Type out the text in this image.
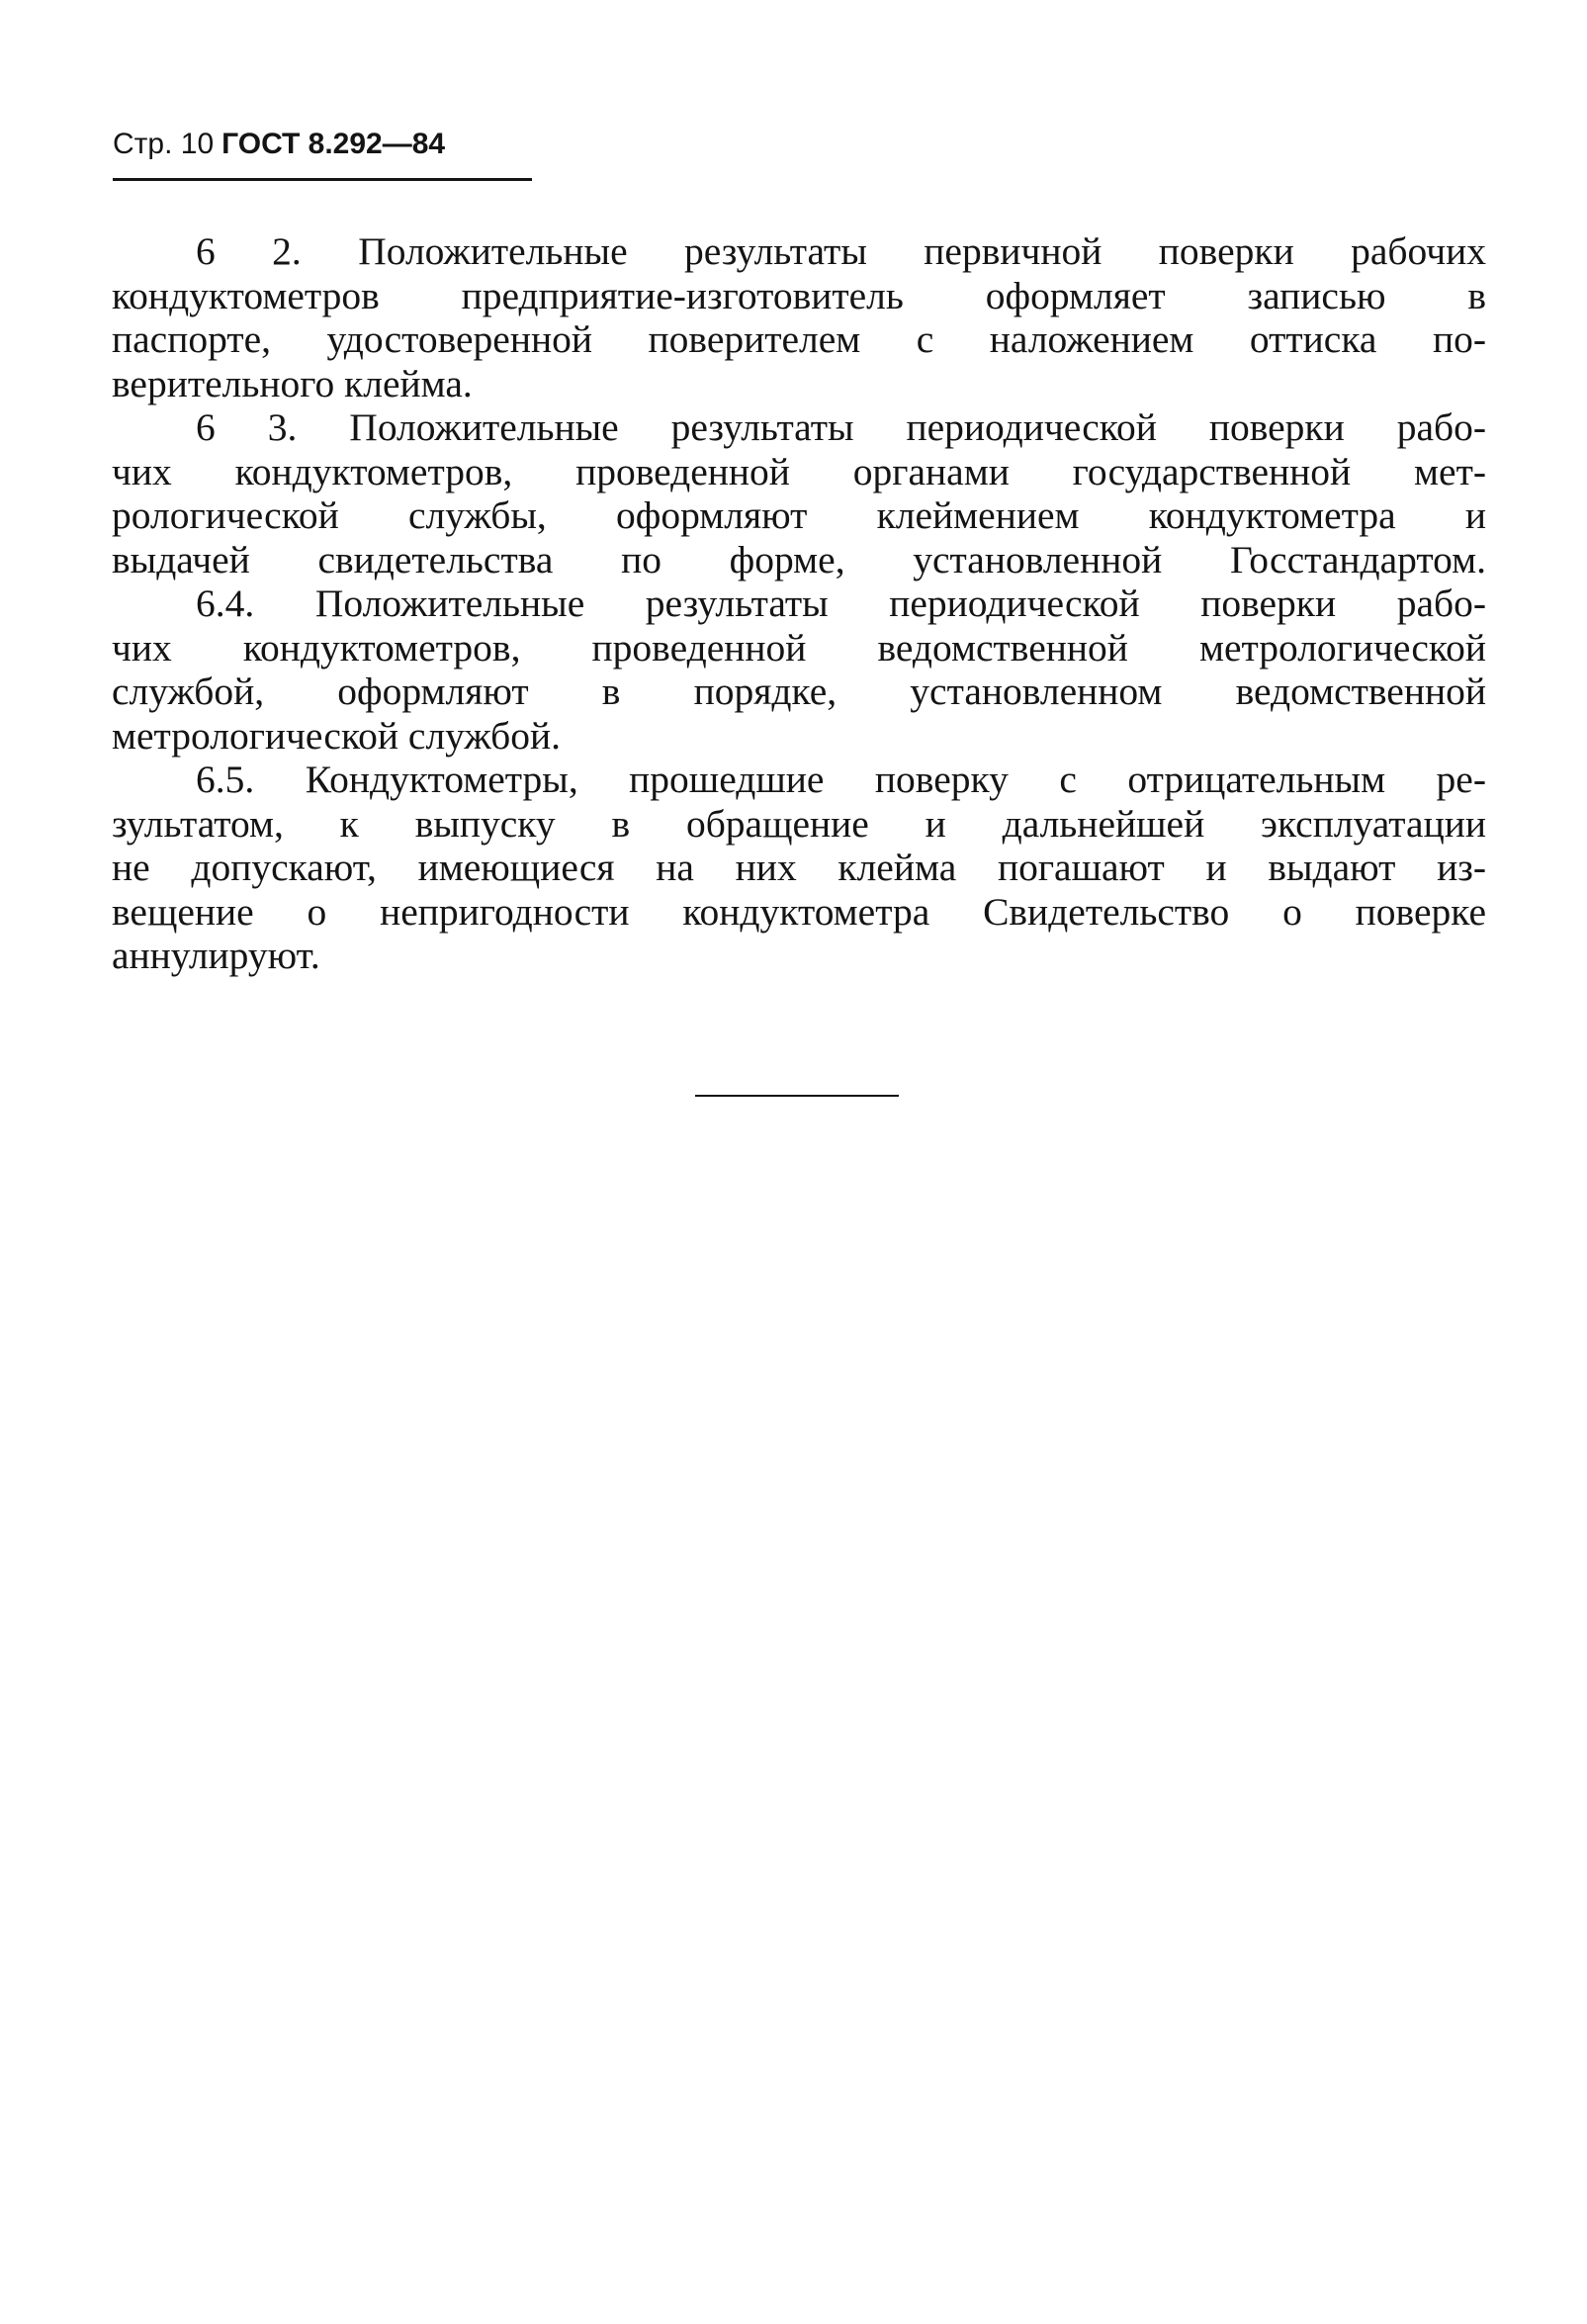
Стр. 10 ГОСТ 8.292—84
6 2. Положительные результаты первичной поверки рабочих
кондуктометров предприятие-изготовитель оформляет записью в
паспорте, удостоверенной поверителем с наложением оттиска по-
верительного клейма.
6 3. Положительные результаты периодической поверки рабо-
чих кондуктометров, проведенной органами государственной мет-
рологической службы, оформляют клеймением кондуктометра и
выдачей свидетельства по форме, установленной Госстандартом.
6.4. Положительные результаты периодической поверки рабо-
чих кондуктометров, проведенной ведомственной метрологической
службой, оформляют в порядке, установленном ведомственной
метрологической службой.
6.5. Кондуктометры, прошедшие поверку с отрицательным ре-
зультатом, к выпуску в обращение и дальнейшей эксплуатации
не допускают, имеющиеся на них клейма погашают и выдают из-
вещение о непригодности кондуктометра Свидетельство о поверке
аннулируют.
